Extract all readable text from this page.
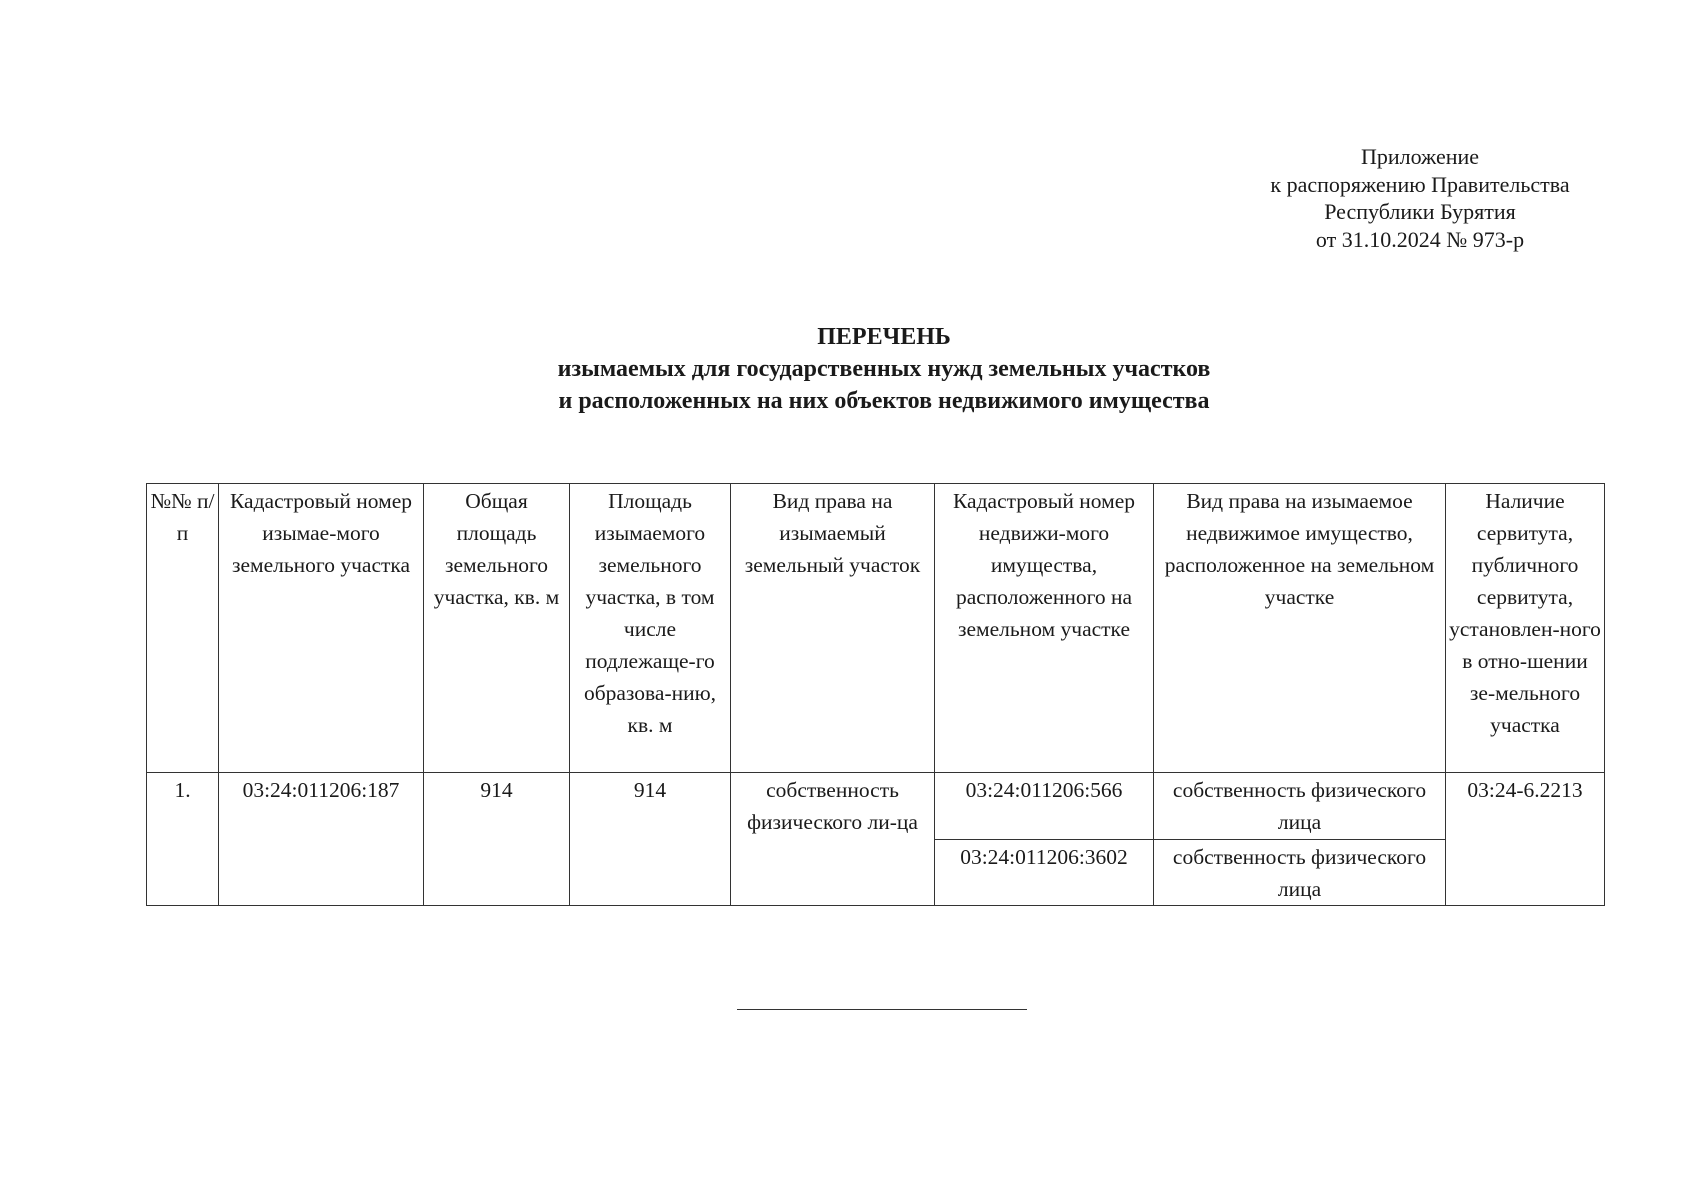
Приложение
к распоряжению Правительства
Республики Бурятия
от 31.10.2024 № 973-р
ПЕРЕЧЕНЬ
изымаемых для государственных нужд земельных участков
и расположенных на них объектов недвижимого имущества
№№ п/п	Кадастровый номер изымае-мого земельного участка	Общая площадь земельного участка, кв. м	Площадь изымаемого земельного участка, в том числе подлежаще-го образова-нию, кв. м	Вид права на изымаемый земельный участок	Кадастровый номер недвижи-мого имущества, расположенного на земельном участке	Вид права на изымаемое недвижимое имущество, расположенное на земельном участке	Наличие сервитута, публичного сервитута, установлен-ного в отно-шении зе-мельного участка
1.	03:24:011206:187	914	914	собственность физического ли-ца	03:24:011206:566	собственность физического лица	03:24-6.2213
					03:24:011206:3602	собственность физического лица	
